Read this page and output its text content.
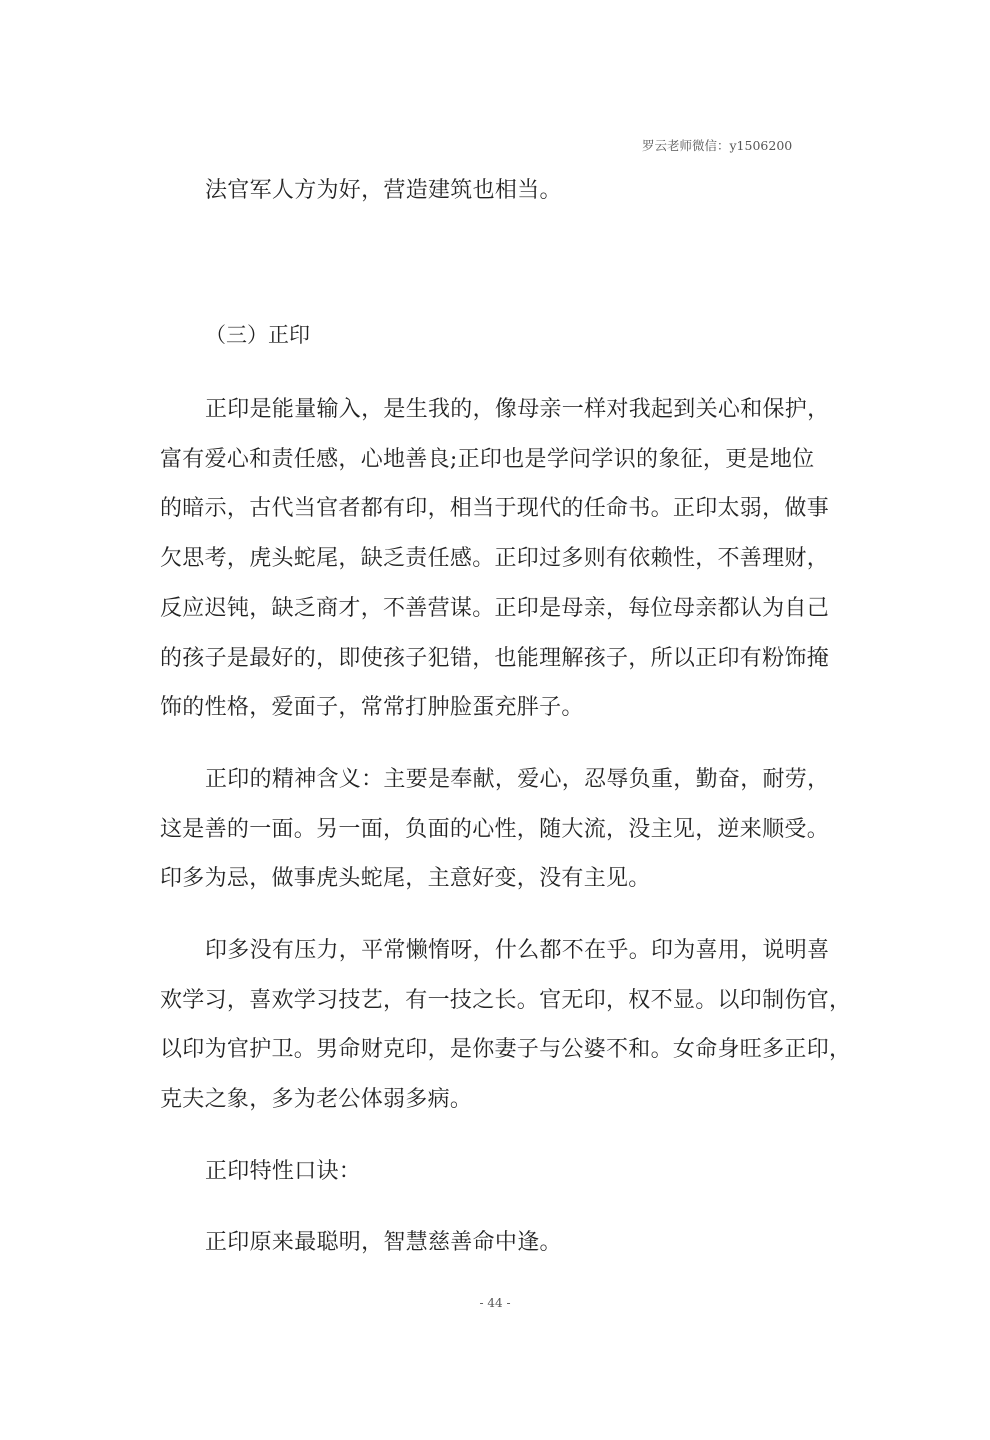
罗云老师微信：y1506200
法官军人方为好，营造建筑也相当。
（三）正印
正印是能量输入，是生我的，像母亲一样对我起到关心和保护，
富有爱心和责任感，心地善良;正印也是学问学识的象征，更是地位
的暗示，古代当官者都有印，相当于现代的任命书。正印太弱，做事
欠思考，虎头蛇尾，缺乏责任感。正印过多则有依赖性，不善理财，
反应迟钝，缺乏商才，不善营谋。正印是母亲，每位母亲都认为自己
的孩子是最好的，即使孩子犯错，也能理解孩子，所以正印有粉饰掩
饰的性格，爱面子，常常打肿脸蛋充胖子。
正印的精神含义：主要是奉献，爱心，忍辱负重，勤奋，耐劳，
这是善的一面。另一面，负面的心性，随大流，没主见，逆来顺受。
印多为忌，做事虎头蛇尾，主意好变，没有主见。
印多没有压力，平常懒惰呀，什么都不在乎。印为喜用，说明喜
欢学习，喜欢学习技艺，有一技之长。官无印，权不显。以印制伤官，
以印为官护卫。男命财克印，是你妻子与公婆不和。女命身旺多正印，
克夫之象，多为老公体弱多病。
正印特性口诀：
正印原来最聪明，智慧慈善命中逢。
- 44 -
